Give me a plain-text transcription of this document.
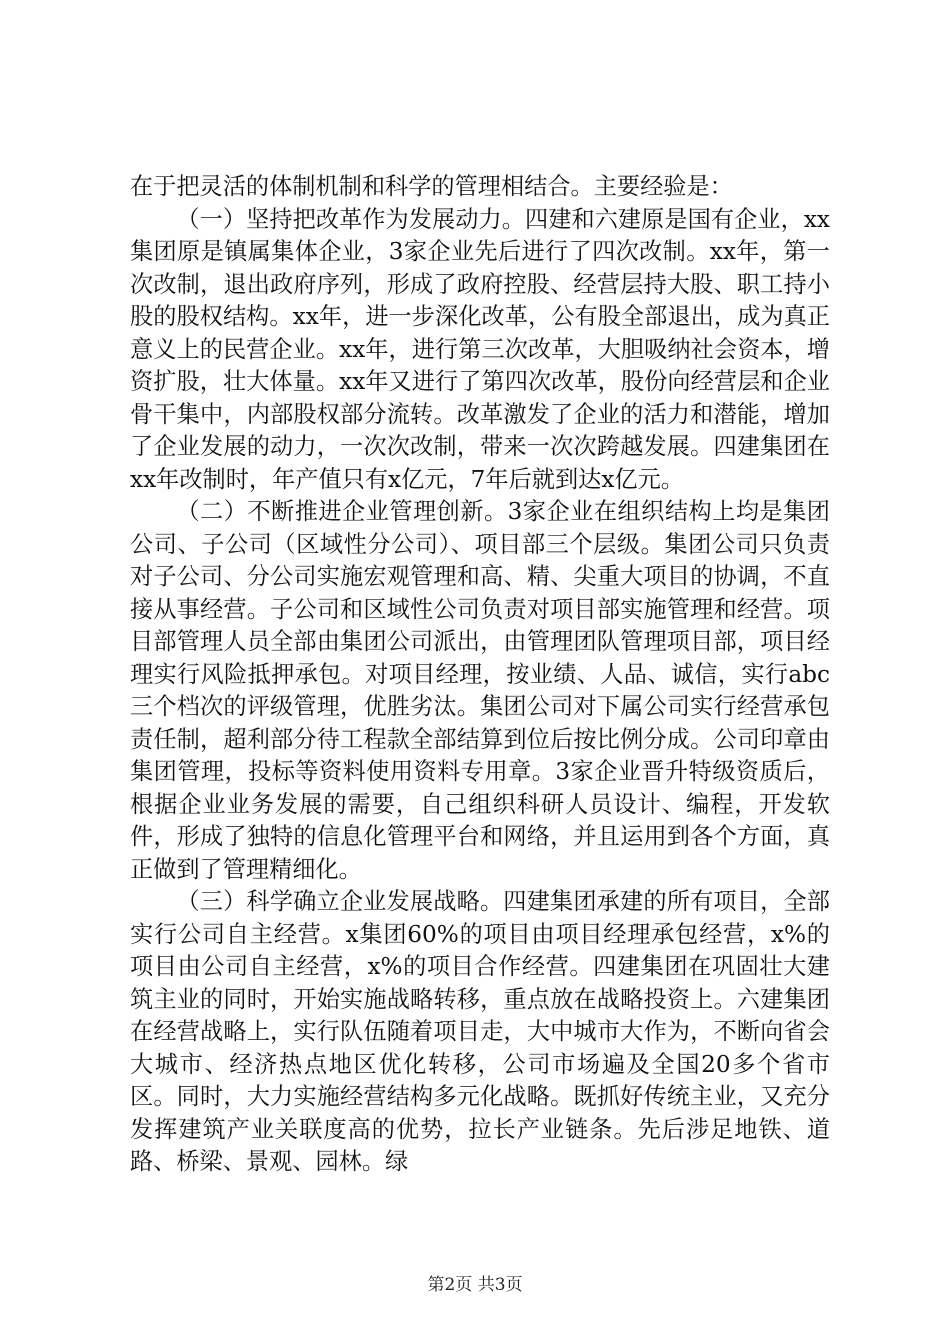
在于把灵活的体制机制和科学的管理相结合。主要经验是：

（一）坚持把改革作为发展动力。四建和六建原是国有企业，xx集团原是镇属集体企业，3家企业先后进行了四次改制。xx年，第一次改制，退出政府序列，形成了政府控股、经营层持大股、职工持小股的股权结构。xx年，进一步深化改革，公有股全部退出，成为真正意义上的民营企业。xx年，进行第三次改革，大胆吸纳社会资本，增资扩股，壮大体量。xx年又进行了第四次改革，股份向经营层和企业骨干集中，内部股权部分流转。改革激发了企业的活力和潜能，增加了企业发展的动力，一次次改制，带来一次次跨越发展。四建集团在xx年改制时，年产值只有x亿元，7年后就到达x亿元。

（二）不断推进企业管理创新。3家企业在组织结构上均是集团公司、子公司（区域性分公司）、项目部三个层级。集团公司只负责对子公司、分公司实施宏观管理和高、精、尖重大项目的协调，不直接从事经营。子公司和区域性公司负责对项目部实施管理和经营。项目部管理人员全部由集团公司派出，由管理团队管理项目部，项目经理实行风险抵押承包。对项目经理，按业绩、人品、诚信，实行abc三个档次的评级管理，优胜劣汰。集团公司对下属公司实行经营承包责任制，超利部分待工程款全部结算到位后按比例分成。公司印章由集团管理，投标等资料使用资料专用章。3家企业晋升特级资质后，根据企业业务发展的需要，自己组织科研人员设计、编程，开发软件，形成了独特的信息化管理平台和网络，并且运用到各个方面，真正做到了管理精细化。

（三）科学确立企业发展战略。四建集团承建的所有项目，全部实行公司自主经营。x集团60%的项目由项目经理承包经营，x%的项目由公司自主经营，x%的项目合作经营。四建集团在巩固壮大建筑主业的同时，开始实施战略转移，重点放在战略投资上。六建集团在经营战略上，实行队伍随着项目走，大中城市大作为，不断向省会大城市、经济热点地区优化转移，公司市场遍及全国20多个省市区。同时，大力实施经营结构多元化战略。既抓好传统主业，又充分发挥建筑产业关联度高的优势，拉长产业链条。先后涉足地铁、道路、桥梁、景观、园林。绿

第2页 共3页
